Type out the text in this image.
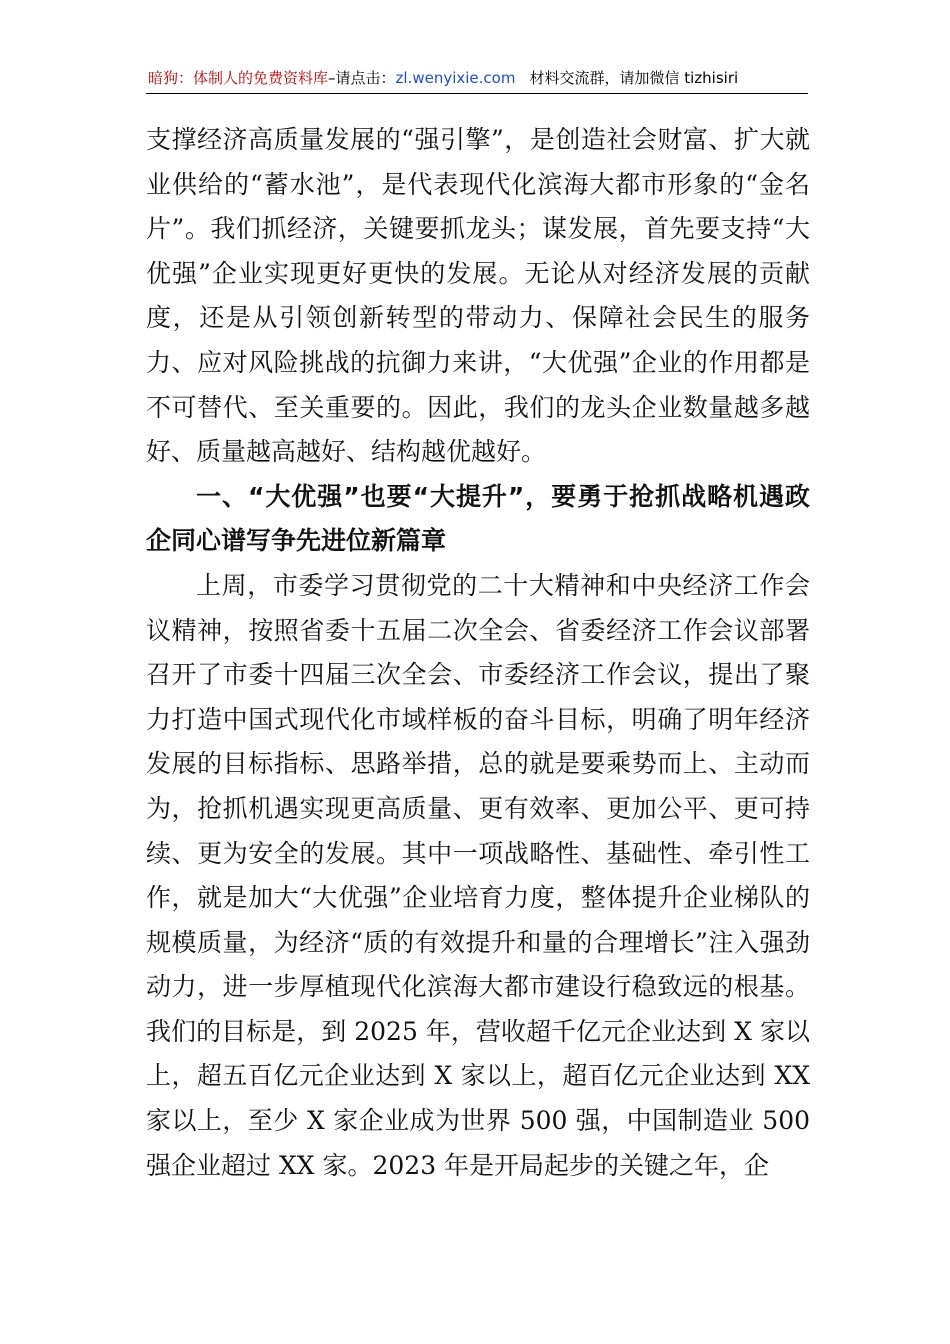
暗狗：体制人的免费资料库–请点击：zl.wenyixie.com 材料交流群，请加微信 tizhisiri

支撑经济高质量发展的“强引擎”，是创造社会财富、扩大就业供给的“蓄水池”，是代表现代化滨海大都市形象的“金名片”。我们抓经济，关键要抓龙头；谋发展，首先要支持“大优强”企业实现更好更快的发展。无论从对经济发展的贡献度，还是从引领创新转型的带动力、保障社会民生的服务力、应对风险挑战的抗御力来讲，“大优强”企业的作用都是不可替代、至关重要的。因此，我们的龙头企业数量越多越好、质量越高越好、结构越优越好。

一、“大优强”也要“大提升”，要勇于抢抓战略机遇政企同心谱写争先进位新篇章

上周，市委学习贯彻党的二十大精神和中央经济工作会议精神，按照省委十五届二次全会、省委经济工作会议部署召开了市委十四届三次全会、市委经济工作会议，提出了聚力打造中国式现代化市域样板的奋斗目标，明确了明年经济发展的目标指标、思路举措，总的就是要乘势而上、主动而为，抢抓机遇实现更高质量、更有效率、更加公平、更可持续、更为安全的发展。其中一项战略性、基础性、牵引性工作，就是加大“大优强”企业培育力度，整体提升企业梯队的规模质量，为经济“质的有效提升和量的合理增长”注入强劲动力，进一步厚植现代化滨海大都市建设行稳致远的根基。我们的目标是，到 2025 年，营收超千亿元企业达到 X 家以上，超五百亿元企业达到 X 家以上，超百亿元企业达到 XX 家以上，至少 X 家企业成为世界 500 强，中国制造业 500 强企业超过 XX 家。2023 年是开局起步的关键之年，企
